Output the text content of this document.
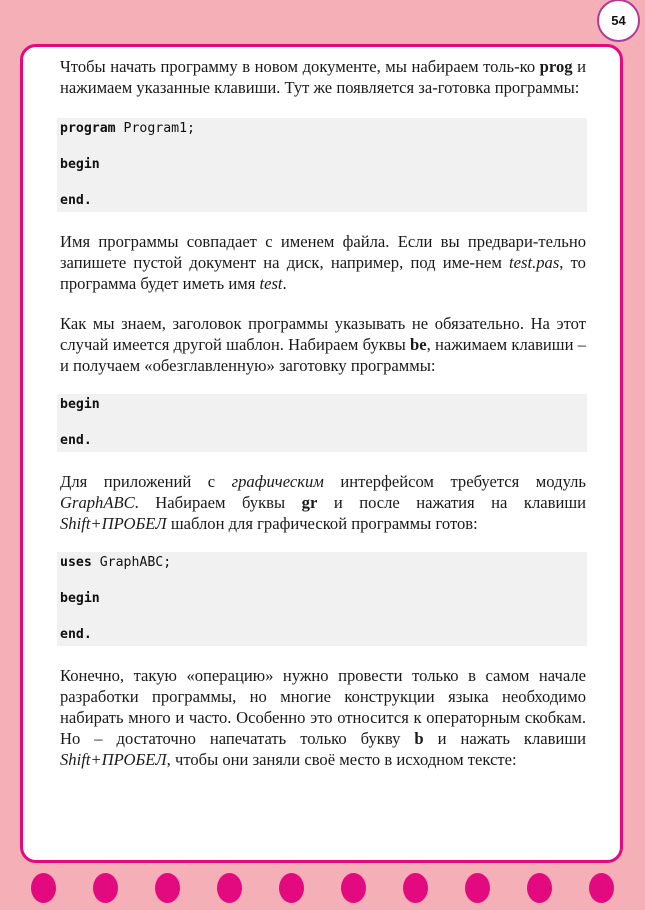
54

Чтобы начать программу в новом документе, мы набираем толь-ко prog и нажимаем указанные клавиши. Тут же появляется за-готовка программы:

program Program1;
begin
end.

Имя программы совпадает с именем файла. Если вы предвари-тельно запишете пустой документ на диск, например, под име-нем test.pas, то программа будет иметь имя test.

Как мы знаем, заголовок программы указывать не обязательно. На этот случай имеется другой шаблон. Набираем буквы be, нажимаем клавиши – и получаем «обезглавленную» заготовку программы:

begin
end.

Для приложений с графическим интерфейсом требуется модуль GraphABC. Набираем буквы gr и после нажатия на клавиши Shift+ПРОБЕЛ шаблон для графической программы готов:

uses GraphABC;
begin
end.

Конечно, такую «операцию» нужно провести только в самом начале разработки программы, но многие конструкции языка необходимо набирать много и часто. Особенно это относится к операторным скобкам. Но – достаточно напечатать только букву b и нажать клавиши Shift+ПРОБЕЛ, чтобы они заняли своё место в исходном тексте:
